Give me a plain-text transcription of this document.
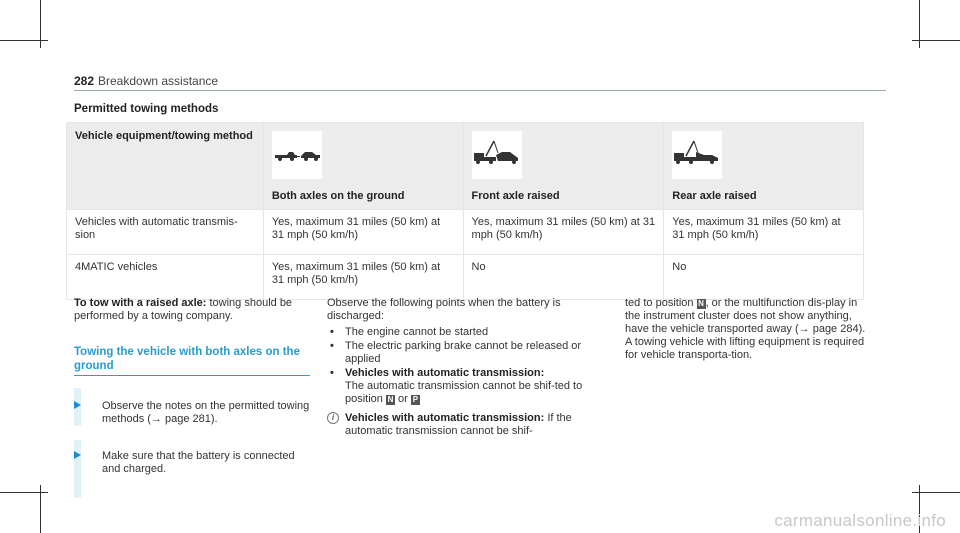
282 Breakdown assistance
Permitted towing methods
Vehicle equipment/towing method	Both axles on the ground	Front axle raised	Rear axle raised

Vehicles with automatic transmis-sion	Yes, maximum 31 miles (50 km) at 31 mph (50 km/h)	Yes, maximum 31 miles (50 km) at 31 mph (50 km/h)	Yes, maximum 31 miles (50 km) at 31 mph (50 km/h)
4MATIC vehicles	Yes, maximum 31 miles (50 km) at 31 mph (50 km/h)	No	No
To tow with a raised axle: towing should be performed by a towing company.
Towing the vehicle with both axles on the ground
Observe the notes on the permitted towing methods (→ page 281).
Make sure that the battery is connected and charged.
Observe the following points when the battery is discharged:
• The engine cannot be started
• The electric parking brake cannot be released or applied
• Vehicles with automatic transmission:
The automatic transmission cannot be shif-ted to position N or P
i Vehicles with automatic transmission: If the automatic transmission cannot be shif-
ted to position N , or the multifunction dis-play in the instrument cluster does not show anything, have the vehicle transported away (→ page 284). A towing vehicle with lifting equipment is required for vehicle transporta-tion.
carmanualsonline.info
